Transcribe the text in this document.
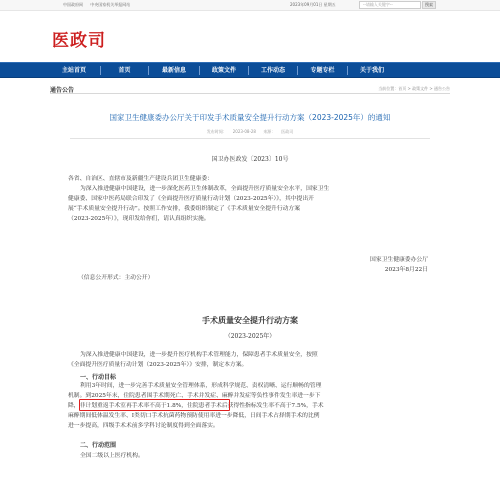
中国政府网 中央国家机关举报网站	2023年09月01日 星期五	--请输入关键字--	搜索
医政司
主站首页	首页	最新信息	政策文件	工作动态	专题专栏	关于我们
通告公告	当前位置：首页 > 政策文件 > 通告公告
国家卫生健康委办公厅关于印发手术质量安全提升行动方案（2023-2025年）的通知
发布时间： 2023-08-28 来源： 医政司
国卫办医政发〔2023〕10号
各省、自治区、直辖市及新疆生产建设兵团卫生健康委：
为深入推进健康中国建设，进一步深化医药卫生体制改革，全面提升医疗质量安全水平，国家卫生
健康委、国家中医药局联合印发了《全面提升医疗质量行动计划（2023-2025年）》，其中提出开
展“手术质量安全提升行动”。按照工作安排，我委组织制定了《手术质量安全提升行动方案
（2023-2025年）》，现印发给你们，请认真组织实施。
国家卫生健康委办公厅
2023年8月22日
（信息公开形式：主动公开）
手术质量安全提升行动方案
（2023-2025年）
为深入推进健康中国建设，进一步提升医疗机构手术管理能力，保障患者手术质量安全，按照
《全面提升医疗质量行动计划（2023-2025年）》安排，制定本方案。
一、行动目标
利用3年时间，进一步完善手术质量安全管理体系，形成科学规范、责权清晰、运行顺畅的管理
机制。到2025年末，住院患者围手术期死亡、手术并发症、麻醉并发症等负性事件发生率进一步下
降，非计划重返手术室再手术率不高于1.8%，住院患者手术后获得性指标发生率不高于7.5%，手术
麻醉期间低体温发生率、I类切口手术抗菌药物预防使用率进一步降低，日间手术占择期手术的比例
进一步提高，四级手术术前多学科讨论制度得到全面落实。
二、行动范围
全国二级以上医疗机构。
